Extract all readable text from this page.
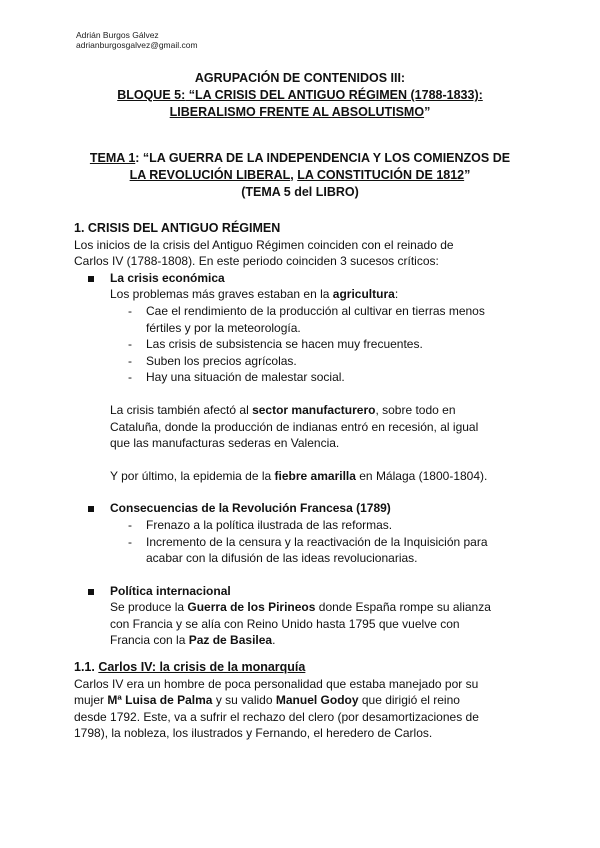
Adrián Burgos Gálvez
adrianburgosgalvez@gmail.com
AGRUPACIÓN DE CONTENIDOS III:
BLOQUE 5: “LA CRISIS DEL ANTIGUO RÉGIMEN (1788-1833):
LIBERALISMO FRENTE AL ABSOLUTISMO”
TEMA 1: “LA GUERRA DE LA INDEPENDENCIA Y LOS COMIENZOS DE
LA REVOLUCIÓN LIBERAL, LA CONSTITUCIÓN DE 1812”
(TEMA 5 del LIBRO)
1. CRISIS DEL ANTIGUO RÉGIMEN

Los inicios de la crisis del Antiguo Régimen coinciden con el reinado de

Carlos IV (1788-1808). En este periodo coinciden 3 sucesos críticos:

La crisis económica
Los problemas más graves estaban en la agricultura:
- Cae el rendimiento de la producción al cultivar en tierras menos
fértiles y por la meteorología.
- Las crisis de subsistencia se hacen muy frecuentes.
- Suben los precios agrícolas.
- Hay una situación de malestar social.
La crisis también afectó al sector manufacturero, sobre todo en
Cataluña, donde la producción de indianas entró en recesión, al igual
que las manufacturas sederas en Valencia.
Y por último, la epidemia de la fiebre amarilla en Málaga (1800-1804).
Consecuencias de la Revolución Francesa (1789)
- Frenazo a la política ilustrada de las reformas.
- Incremento de la censura y la reactivación de la Inquisición para
acabar con la difusión de las ideas revolucionarias.
Política internacional
Se produce la Guerra de los Pirineos donde España rompe su alianza
con Francia y se alía con Reino Unido hasta 1795 que vuelve con
Francia con la Paz de Basilea.
1.1. Carlos IV: la crisis de la monarquía
Carlos IV era un hombre de poca personalidad que estaba manejado por su
mujer Mª Luisa de Palma y su valido Manuel Godoy que dirigió el reino
desde 1792. Este, va a sufrir el rechazo del clero (por desamortizaciones de
1798), la nobleza, los ilustrados y Fernando, el heredero de Carlos.
